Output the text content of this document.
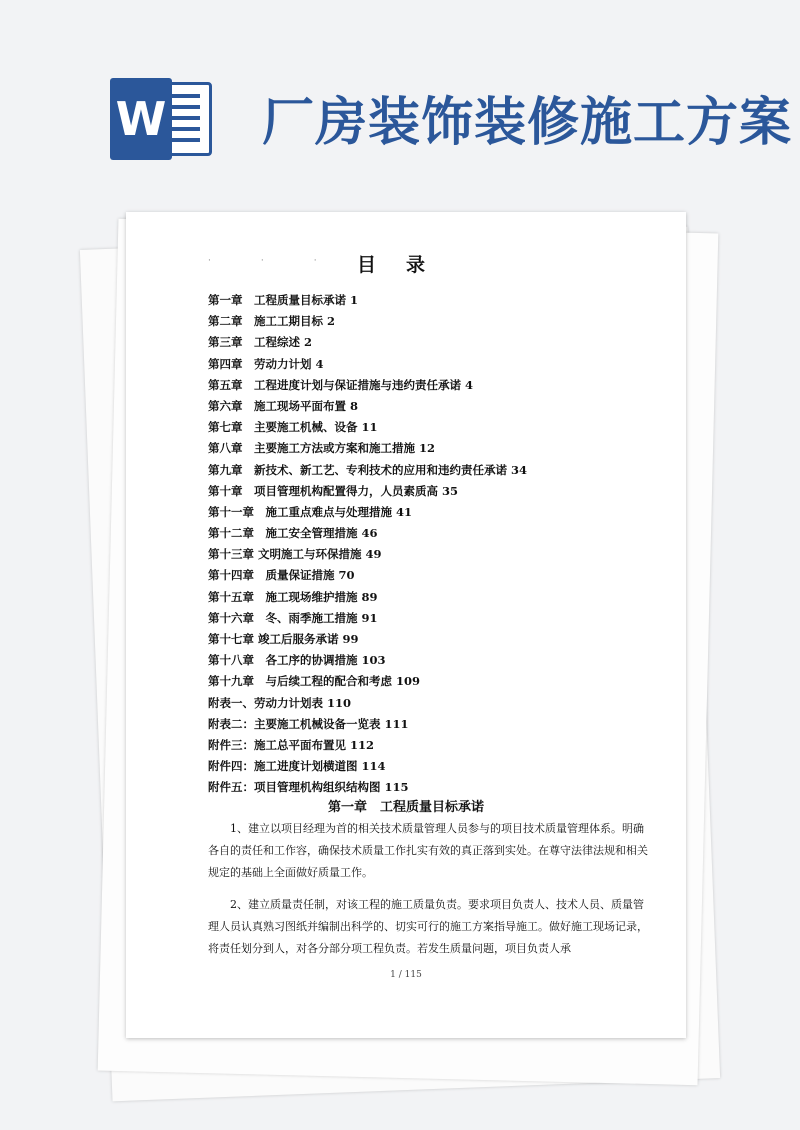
W 厂房装饰装修施工方案
···
目录
第一章　工程质量目标承诺 1
第二章　施工工期目标 2
第三章　工程综述 2
第四章　劳动力计划 4
第五章　工程进度计划与保证措施与违约责任承诺 4
第六章　施工现场平面布置 8
第七章　主要施工机械、设备 11
第八章　主要施工方法或方案和施工措施 12
第九章　新技术、新工艺、专利技术的应用和违约责任承诺 34
第十章　项目管理机构配置得力，人员素质高 35
第十一章　施工重点难点与处理措施 41
第十二章　施工安全管理措施 46
第十三章 文明施工与环保措施 49
第十四章　质量保证措施 70
第十五章　施工现场维护措施 89
第十六章　冬、雨季施工措施 91
第十七章 竣工后服务承诺 99
第十八章　各工序的协调措施 103
第十九章　与后续工程的配合和考虑 109
附表一、劳动力计划表 110
附表二：主要施工机械设备一览表 111
附件三：施工总平面布置见 112
附件四：施工进度计划横道图 114
附件五：项目管理机构组织结构图 115
第一章　工程质量目标承诺

1、建立以项目经理为首的相关技术质量管理人员参与的项目技术质量管理体系。明确各自的责任和工作容，确保技术质量工作扎实有效的真正落到实处。在尊守法律法规和相关规定的基础上全面做好质量工作。

2、建立质量责任制，对该工程的施工质量负责。要求项目负责人、技术人员、质量管理人员认真熟习图纸并编制出科学的、切实可行的施工方案指导施工。做好施工现场记录，将责任划分到人，对各分部分项工程负责。若发生质量问题，项目负责人承

1 / 115
